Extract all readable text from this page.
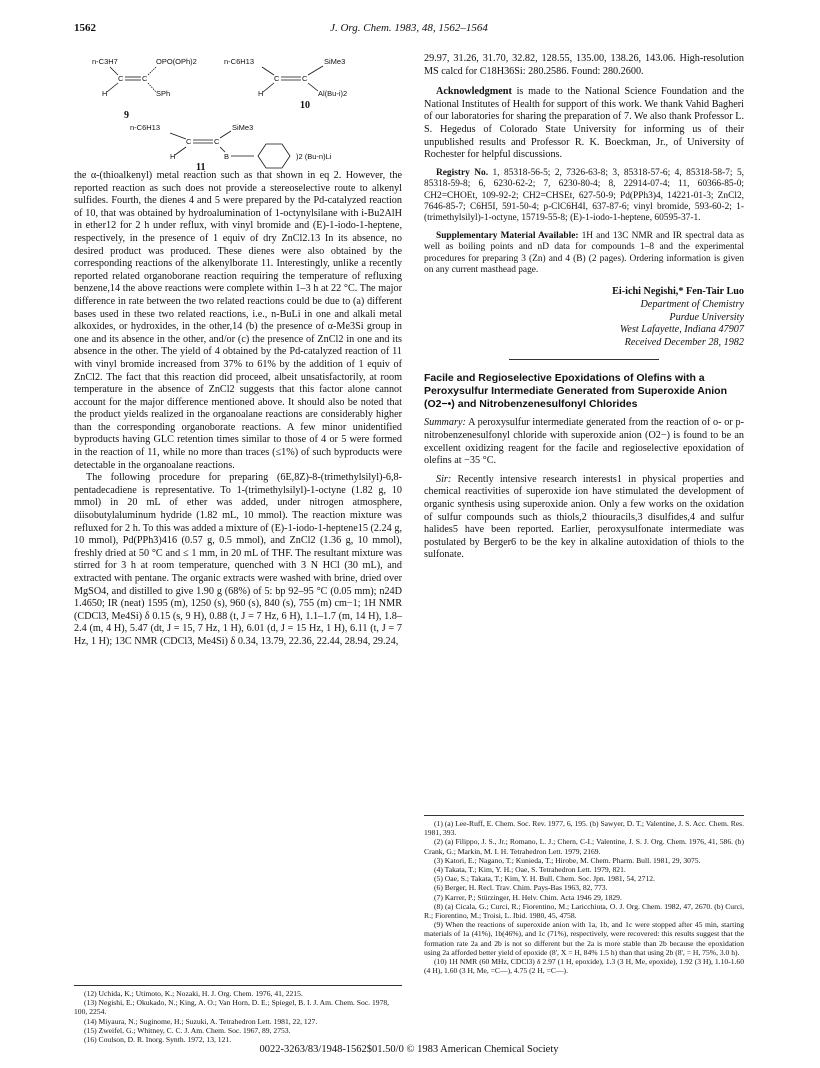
1562	J. Org. Chem. 1983, 48, 1562–1564
n-C3H7	OPO(OPh)2
C C
H	SPh
9
n-C6H13	SiMe3
C	C
H	Al(Bu-i)2
10
n-C6H13	SiMe3
C	C
H	B	)2 (Bu-n)Li
11

the α-(thioalkenyl) metal reaction such as that shown in eq 2. However, the reported reaction as such does not provide a stereoselective route to alkenyl sulfides. Fourth, the dienes 4 and 5 were prepared by the Pd-catalyzed reaction of 10, that was obtained by hydroalumination of 1-octynylsilane with i-Bu2AlH in ether12 for 2 h under reflux, with vinyl bromide and (E)-1-iodo-1-heptene, respectively, in the presence of 1 equiv of dry ZnCl2.13 In its absence, no desired product was produced. These dienes were also obtained by the corresponding reactions of the alkenylborate 11. Interestingly, unlike a recently reported related organoborane reaction requiring the temperature of refluxing benzene,14 the above reactions were complete within 1–3 h at 22 °C. The major difference in rate between the two related reactions could be due to (a) different bases used in these two related reactions, i.e., n-BuLi in one and alkali metal alkoxides, or hydroxides, in the other,14 (b) the presence of α-Me3Si group in one and its absence in the other, and/or (c) the presence of ZnCl2 in one and its absence in the other. The yield of 4 obtained by the Pd-catalyzed reaction of 11 with vinyl bromide increased from 37% to 61% by the addition of 1 equiv of ZnCl2. The fact that this reaction did proceed, albeit unsatisfactorily, at room temperature in the absence of ZnCl2 suggests that this factor alone cannot account for the major difference mentioned above. It should also be noted that the product yields realized in the organoalane reactions are considerably higher than the corresponding organoborate reactions. A few minor unidentified byproducts having GLC retention times similar to those of 4 or 5 were formed in the reaction of 11, while no more than traces (≤1%) of such byproducts were detectable in the organoalane reactions.

The following procedure for preparing (6E,8Z)-8-(trimethylsilyl)-6,8-pentadecadiene is representative. To 1-(trimethylsilyl)-1-octyne (1.82 g, 10 mmol) in 20 mL of ether was added, under nitrogen atmosphere, diisobutylaluminum hydride (1.82 mL, 10 mmol). The reaction mixture was refluxed for 2 h. To this was added a mixture of (E)-1-iodo-1-heptene15 (2.24 g, 10 mmol), Pd(PPh3)416 (0.57 g, 0.5 mmol), and ZnCl2 (1.36 g, 10 mmol), freshly dried at 50 °C and ≤ 1 mm, in 20 mL of THF. The resultant mixture was stirred for 3 h at room temperature, quenched with 3 N HCl (30 mL), and extracted with pentane. The organic extracts were washed with brine, dried over MgSO4, and distilled to give 1.90 g (68%) of 5: bp 92–95 °C (0.05 mm); n24D 1.4650; IR (neat) 1595 (m), 1250 (s), 960 (s), 840 (s), 755 (m) cm−1; 1H NMR (CDCl3, Me4Si) δ 0.15 (s, 9 H), 0.88 (t, J = 7 Hz, 6 H), 1.1–1.7 (m, 14 H), 1.8–2.4 (m, 4 H), 5.47 (dt, J = 15, 7 Hz, 1 H), 6.01 (d, J = 15 Hz, 1 H), 6.11 (t, J = 7 Hz, 1 H); 13C NMR (CDCl3, Me4Si) δ 0.34, 13.79, 22.36, 22.44, 28.94, 29.24,

(12) Uchida, K.; Utimoto, K.; Nozaki, H. J. Org. Chem. 1976, 41, 2215.

(13) Negishi, E.; Okukado, N.; King, A. O.; Van Horn, D. E.; Spiegel, B. I. J. Am. Chem. Soc. 1978, 100, 2254.

(14) Miyaura, N.; Suginome, H.; Suzuki, A. Tetrahedron Lett. 1981, 22, 127.

(15) Zweifel, G.; Whitney, C. C. J. Am. Chem. Soc. 1967, 89, 2753.

(16) Coulson, D. R. Inorg. Synth. 1972, 13, 121.

29.97, 31.26, 31.70, 32.82, 128.55, 135.00, 138.26, 143.06. High-resolution MS calcd for C18H36Si: 280.2586. Found: 280.2600.

Acknowledgment is made to the National Science Foundation and the National Institutes of Health for support of this work. We thank Vahid Bagheri of our laboratories for sharing the preparation of 7. We also thank Professor L. S. Hegedus of Colorado State University for informing us of their unpublished results and Professor R. K. Boeckman, Jr., of University of Rochester for helpful discussions.

Registry No. 1, 85318-56-5; 2, 7326-63-8; 3, 85318-57-6; 4, 85318-58-7; 5, 85318-59-8; 6, 6230-62-2; 7, 6230-80-4; 8, 22914-07-4; 11, 60366-85-0; CH2=CHOEt, 109-92-2; CH2=CHSEt, 627-50-9; Pd(PPh3)4, 14221-01-3; ZnCl2, 7646-85-7; C6H5I, 591-50-4; p-ClC6H4I, 637-87-6; vinyl bromide, 593-60-2; 1-(trimethylsilyl)-1-octyne, 15719-55-8; (E)-1-iodo-1-heptene, 60595-37-1.

Supplementary Material Available: 1H and 13C NMR and IR spectral data as well as boiling points and nD data for compounds 1–8 and the experimental procedures for preparing 3 (Zn) and 4 (B) (2 pages). Ordering information is given on any current masthead page.

Ei-ichi Negishi,* Fen-Tair Luo
Department of Chemistry
Purdue University
West Lafayette, Indiana 47907
Received December 28, 1982
Facile and Regioselective Epoxidations of Olefins with a Peroxysulfur Intermediate Generated from Superoxide Anion (O2−•) and Nitrobenzenesulfonyl Chlorides

Summary: A peroxysulfur intermediate generated from the reaction of o- or p-nitrobenzenesulfonyl chloride with superoxide anion (O2−) is found to be an excellent oxidizing reagent for the facile and regioselective epoxidation of olefins at −35 °C.

Sir: Recently intensive research interests1 in physical properties and chemical reactivities of superoxide ion have stimulated the development of organic synthesis using superoxide anion. Only a few works on the oxidation of sulfur compounds such as thiols,2 thiouracils,3 disulfides,4 and sulfur halides5 have been reported. Earlier, peroxysulfonate intermediate was postulated by Berger6 to be the key in alkaline autoxidation of thiols to the sulfonate.

(1) (a) Lee-Ruff, E. Chem. Soc. Rev. 1977, 6, 195. (b) Sawyer, D. T.; Valentine, J. S. Acc. Chem. Res. 1981, 393.

(2) (a) Filippo, J. S., Jr.; Romano, L. J.; Chern, C-I.; Valentine, J. S. J. Org. Chem. 1976, 41, 586. (b) Crank, G.; Markin, M. I. H. Tetrahedron Lett. 1979, 2169.

(3) Katori, E.; Nagano, T.; Kunieda, T.; Hirobe, M. Chem. Pharm. Bull. 1981, 29, 3075.

(4) Takata, T.; Kim, Y. H.; Oae, S. Tetrahedron Lett. 1979, 821.

(5) Oae, S.; Takata, T.; Kim, Y. H. Bull. Chem. Soc. Jpn. 1981, 54, 2712.

(6) Berger, H. Recl. Trav. Chim. Pays-Bas 1963, 82, 773.

(7) Karrer, P.; Stürzinger, H. Helv. Chim. Acta 1946 29, 1829.

(8) (a) Cicala, G.; Curci, R.; Fiorentino, M.; Laricchiuta, O. J. Org. Chem. 1982, 47, 2670. (b) Curci, R.; Fiorentino, M.; Troisi, L. Ibid. 1980, 45, 4758.

(9) When the reactions of superoxide anion with 1a, 1b, and 1c were stopped after 45 min, starting materials of 1a (41%), 1b(46%), and 1c (71%), respectively, were recovered: this results suggest that the formation rate 2a and 2b is not so different but the 2a is more stable than 2b because the epoxidation using 2a afforded better yield of epoxide (8', X = H, 84% 1.5 h) than that using 2b (8', = H, 75%, 3.0 h).

(10) 1H NMR (60 MHz, CDCl3) δ 2.97 (1 H, epoxide), 1.3 (3 H, Me, epoxide), 1.92 (3 H), 1.10-1.60 (4 H), 1.60 (3 H, Me, =C—), 4.75 (2 H, =C—).

0022-3263/83/1948-1562$01.50/0 © 1983 American Chemical Society
